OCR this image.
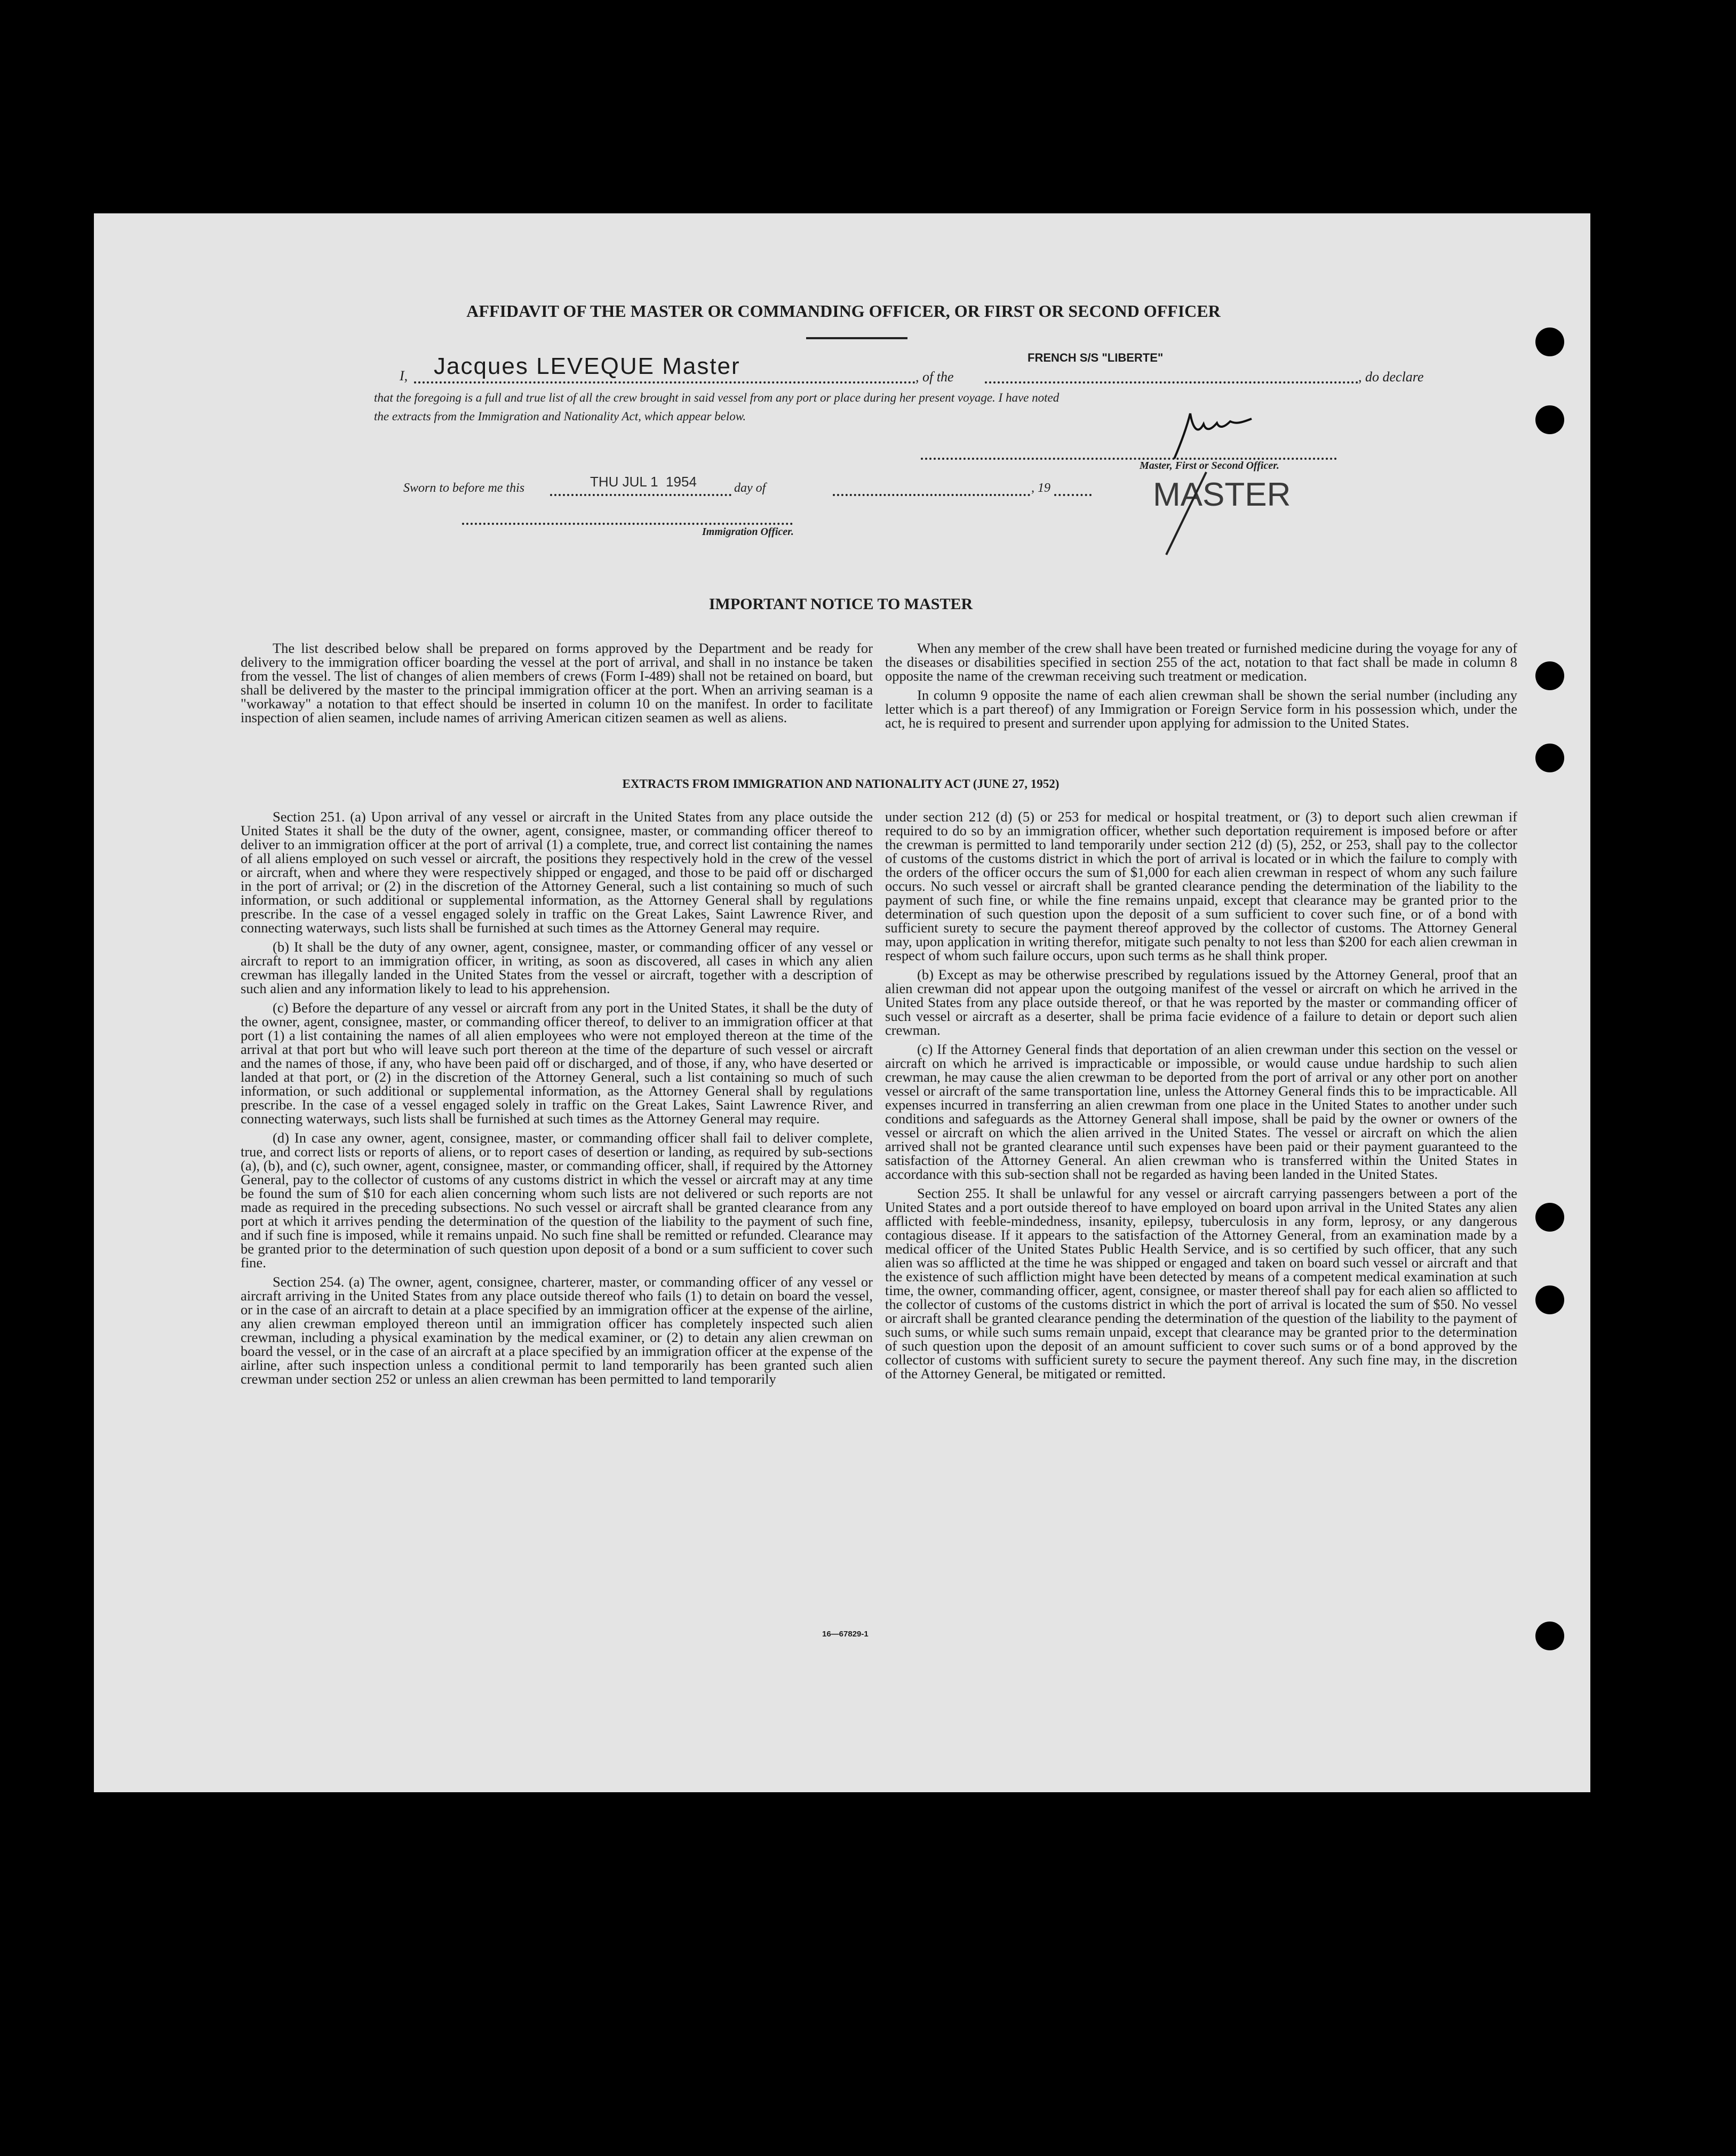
AFFIDAVIT OF THE MASTER OR COMMANDING OFFICER, OR FIRST OR SECOND OFFICER
I, Jacques LEVEQUE Master	, of the
FRENCH S/S "LIBERTE"
, do declare
that the foregoing is a full and true list of all the crew brought in said vessel from any port or place during her present voyage. I have noted
the extracts from the Immigration and Nationality Act, which appear below.
Master, First or Second Officer.
MASTER
Sworn to before me this	THU JUL 1  1954	day of	, 19
Immigration Officer.
IMPORTANT NOTICE TO MASTER

The list described below shall be prepared on forms approved by the Department and be ready for delivery to the immigration officer boarding the vessel at the port of arrival, and shall in no instance be taken from the vessel. The list of changes of alien members of crews (Form I-489) shall not be retained on board, but shall be delivered by the master to the principal immigration officer at the port. When an arriving seaman is a "workaway" a notation to that effect should be inserted in column 10 on the manifest. In order to facilitate inspection of alien seamen, include names of arriving American citizen seamen as well as aliens.

When any member of the crew shall have been treated or furnished medicine during the voyage for any of the diseases or disabilities specified in section 255 of the act, notation to that fact shall be made in column 8 opposite the name of the crewman receiving such treatment or medication.

In column 9 opposite the name of each alien crewman shall be shown the serial number (including any letter which is a part thereof) of any Immigration or Foreign Service form in his possession which, under the act, he is required to present and surrender upon applying for admission to the United States.

EXTRACTS FROM IMMIGRATION AND NATIONALITY ACT (JUNE 27, 1952)

Section 251. (a) Upon arrival of any vessel or aircraft in the United States from any place outside the United States it shall be the duty of the owner, agent, consignee, master, or commanding officer thereof to deliver to an immigration officer at the port of arrival (1) a complete, true, and correct list containing the names of all aliens employed on such vessel or aircraft, the positions they respectively hold in the crew of the vessel or aircraft, when and where they were respectively shipped or engaged, and those to be paid off or discharged in the port of arrival; or (2) in the discretion of the Attorney General, such a list containing so much of such information, or such additional or supplemental information, as the Attorney General shall by regulations prescribe. In the case of a vessel engaged solely in traffic on the Great Lakes, Saint Lawrence River, and connecting waterways, such lists shall be furnished at such times as the Attorney General may require.

(b) It shall be the duty of any owner, agent, consignee, master, or commanding officer of any vessel or aircraft to report to an immigration officer, in writing, as soon as discovered, all cases in which any alien crewman has illegally landed in the United States from the vessel or aircraft, together with a description of such alien and any information likely to lead to his apprehension.

(c) Before the departure of any vessel or aircraft from any port in the United States, it shall be the duty of the owner, agent, consignee, master, or commanding officer thereof, to deliver to an immigration officer at that port (1) a list containing the names of all alien employees who were not employed thereon at the time of the arrival at that port but who will leave such port thereon at the time of the departure of such vessel or aircraft and the names of those, if any, who have been paid off or discharged, and of those, if any, who have deserted or landed at that port, or (2) in the discretion of the Attorney General, such a list containing so much of such information, or such additional or supplemental information, as the Attorney General shall by regulations prescribe. In the case of a vessel engaged solely in traffic on the Great Lakes, Saint Lawrence River, and connecting waterways, such lists shall be furnished at such times as the Attorney General may require.

(d) In case any owner, agent, consignee, master, or commanding officer shall fail to deliver complete, true, and correct lists or reports of aliens, or to report cases of desertion or landing, as required by sub-sections (a), (b), and (c), such owner, agent, consignee, master, or commanding officer, shall, if required by the Attorney General, pay to the collector of customs of any customs district in which the vessel or aircraft may at any time be found the sum of $10 for each alien concerning whom such lists are not delivered or such reports are not made as required in the preceding subsections. No such vessel or aircraft shall be granted clearance from any port at which it arrives pending the determination of the question of the liability to the payment of such fine, and if such fine is imposed, while it remains unpaid. No such fine shall be remitted or refunded. Clearance may be granted prior to the determination of such question upon deposit of a bond or a sum sufficient to cover such fine.

Section 254. (a) The owner, agent, consignee, charterer, master, or commanding officer of any vessel or aircraft arriving in the United States from any place outside thereof who fails (1) to detain on board the vessel, or in the case of an aircraft to detain at a place specified by an immigration officer at the expense of the airline, any alien crewman employed thereon until an immigration officer has completely inspected such alien crewman, including a physical examination by the medical examiner, or (2) to detain any alien crewman on board the vessel, or in the case of an aircraft at a place specified by an immigration officer at the expense of the airline, after such inspection unless a conditional permit to land temporarily has been granted such alien crewman under section 252 or unless an alien crewman has been permitted to land temporarily

under section 212 (d) (5) or 253 for medical or hospital treatment, or (3) to deport such alien crewman if required to do so by an immigration officer, whether such deportation requirement is imposed before or after the crewman is permitted to land temporarily under section 212 (d) (5), 252, or 253, shall pay to the collector of customs of the customs district in which the port of arrival is located or in which the failure to comply with the orders of the officer occurs the sum of $1,000 for each alien crewman in respect of whom any such failure occurs. No such vessel or aircraft shall be granted clearance pending the determination of the liability to the payment of such fine, or while the fine remains unpaid, except that clearance may be granted prior to the determination of such question upon the deposit of a sum sufficient to cover such fine, or of a bond with sufficient surety to secure the payment thereof approved by the collector of customs. The Attorney General may, upon application in writing therefor, mitigate such penalty to not less than $200 for each alien crewman in respect of whom such failure occurs, upon such terms as he shall think proper.

(b) Except as may be otherwise prescribed by regulations issued by the Attorney General, proof that an alien crewman did not appear upon the outgoing manifest of the vessel or aircraft on which he arrived in the United States from any place outside thereof, or that he was reported by the master or commanding officer of such vessel or aircraft as a deserter, shall be prima facie evidence of a failure to detain or deport such alien crewman.

(c) If the Attorney General finds that deportation of an alien crewman under this section on the vessel or aircraft on which he arrived is impracticable or impossible, or would cause undue hardship to such alien crewman, he may cause the alien crewman to be deported from the port of arrival or any other port on another vessel or aircraft of the same transportation line, unless the Attorney General finds this to be impracticable. All expenses incurred in transferring an alien crewman from one place in the United States to another under such conditions and safeguards as the Attorney General shall impose, shall be paid by the owner or owners of the vessel or aircraft on which the alien arrived in the United States. The vessel or aircraft on which the alien arrived shall not be granted clearance until such expenses have been paid or their payment guaranteed to the satisfaction of the Attorney General. An alien crewman who is transferred within the United States in accordance with this sub-section shall not be regarded as having been landed in the United States.

Section 255. It shall be unlawful for any vessel or aircraft carrying passengers between a port of the United States and a port outside thereof to have employed on board upon arrival in the United States any alien afflicted with feeble-mindedness, insanity, epilepsy, tuberculosis in any form, leprosy, or any dangerous contagious disease. If it appears to the satisfaction of the Attorney General, from an examination made by a medical officer of the United States Public Health Service, and is so certified by such officer, that any such alien was so afflicted at the time he was shipped or engaged and taken on board such vessel or aircraft and that the existence of such affliction might have been detected by means of a competent medical examination at such time, the owner, commanding officer, agent, consignee, or master thereof shall pay for each alien so afflicted to the collector of customs of the customs district in which the port of arrival is located the sum of $50. No vessel or aircraft shall be granted clearance pending the determination of the question of the liability to the payment of such sums, or while such sums remain unpaid, except that clearance may be granted prior to the determination of such question upon the deposit of an amount sufficient to cover such sums or of a bond approved by the collector of customs with sufficient surety to secure the payment thereof. Any such fine may, in the discretion of the Attorney General, be mitigated or remitted.

16—67829-1
